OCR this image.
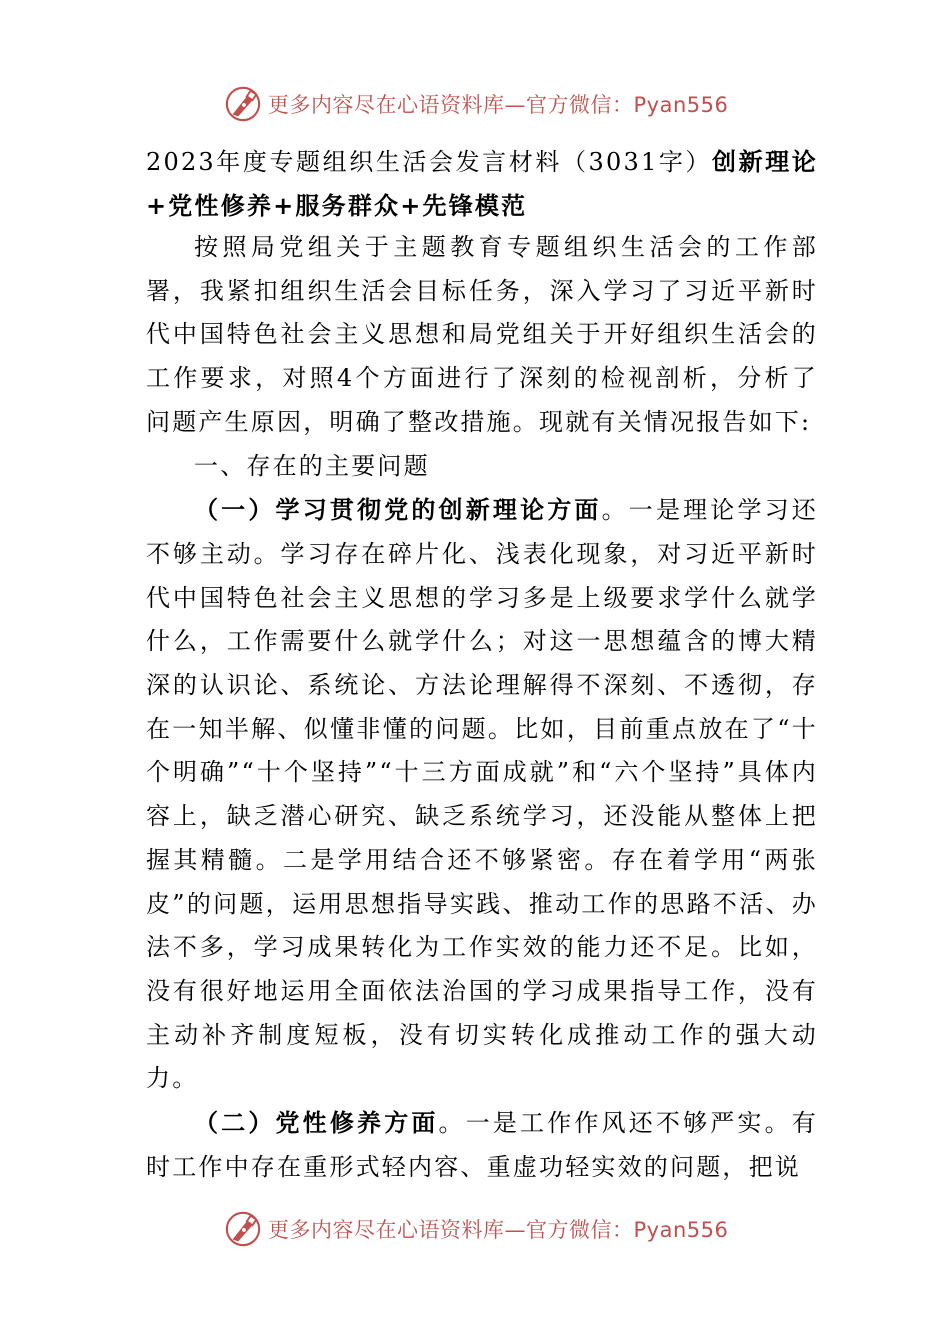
更多内容尽在心语资料库—官方微信：Pyan556
2023年度专题组织生活会发言材料（3031字）创新理论+党性修养+服务群众+先锋模范

按照局党组关于主题教育专题组织生活会的工作部署，我紧扣组织生活会目标任务，深入学习了习近平新时代中国特色社会主义思想和局党组关于开好组织生活会的工作要求，对照4个方面进行了深刻的检视剖析，分析了问题产生原因，明确了整改措施。现就有关情况报告如下:

一、存在的主要问题

（一）学习贯彻党的创新理论方面。一是理论学习还不够主动。学习存在碎片化、浅表化现象，对习近平新时代中国特色社会主义思想的学习多是上级要求学什么就学什么，工作需要什么就学什么；对这一思想蕴含的博大精深的认识论、系统论、方法论理解得不深刻、不透彻，存在一知半解、似懂非懂的问题。比如，目前重点放在了“十个明确”“十个坚持”“十三方面成就”和“六个坚持”具体内容上，缺乏潜心研究、缺乏系统学习，还没能从整体上把握其精髓。二是学用结合还不够紧密。存在着学用“两张皮”的问题，运用思想指导实践、推动工作的思路不活、办法不多，学习成果转化为工作实效的能力还不足。比如，没有很好地运用全面依法治国的学习成果指导工作，没有主动补齐制度短板，没有切实转化成推动工作的强大动力。

（二）党性修养方面。一是工作作风还不够严实。有时工作中存在重形式轻内容、重虚功轻实效的问题，把说

更多内容尽在心语资料库—官方微信：Pyan556
